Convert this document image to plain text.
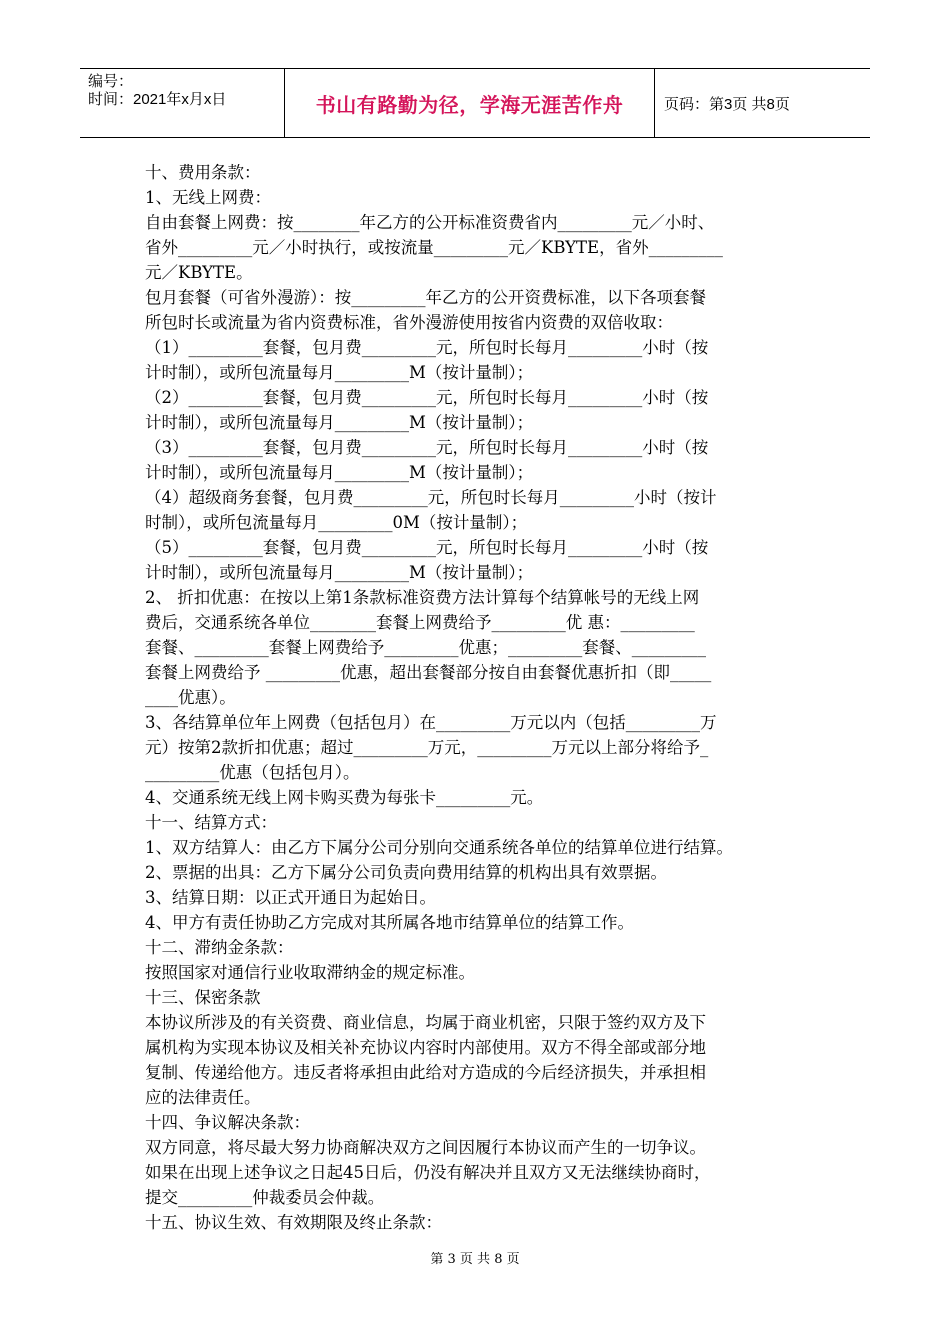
编号：
时间：2021年x月x日	书山有路勤为径，学海无涯苦作舟	页码：第3页 共8页

十、费用条款：

1、无线上网费：

自由套餐上网费：按________年乙方的公开标准资费省内_________元／小时、

省外_________元／小时执行，或按流量_________元／KBYTE，省外_________

元／KBYTE。

包月套餐（可省外漫游）：按_________年乙方的公开资费标准，以下各项套餐

所包时长或流量为省内资费标准，省外漫游使用按省内资费的双倍收取：

（1）_________套餐，包月费_________元，所包时长每月_________小时（按

计时制），或所包流量每月_________M（按计量制）；

（2）_________套餐，包月费_________元，所包时长每月_________小时（按

计时制），或所包流量每月_________M（按计量制）；

（3）_________套餐，包月费_________元，所包时长每月_________小时（按

计时制），或所包流量每月_________M（按计量制）；

（4）超级商务套餐，包月费_________元，所包时长每月_________小时（按计

时制），或所包流量每月_________0M（按计量制）；

（5）_________套餐，包月费_________元，所包时长每月_________小时（按

计时制），或所包流量每月_________M（按计量制）；

2、 折扣优惠：在按以上第1条款标准资费方法计算每个结算帐号的无线上网

费后，交通系统各单位________套餐上网费给予_________优 惠：_________

套餐、_________套餐上网费给予_________优惠；_________套餐、_________

套餐上网费给予 _________优惠，超出套餐部分按自由套餐优惠折扣（即_____

____优惠）。

3、各结算单位年上网费（包括包月）在_________万元以内（包括_________万

元）按第2款折扣优惠；超过_________万元，_________万元以上部分将给予_

_________优惠（包括包月）。

4、交通系统无线上网卡购买费为每张卡_________元。

十一、结算方式：

1、双方结算人：由乙方下属分公司分别向交通系统各单位的结算单位进行结算。

2、票据的出具：乙方下属分公司负责向费用结算的机构出具有效票据。

3、结算日期：以正式开通日为起始日。

4、甲方有责任协助乙方完成对其所属各地市结算单位的结算工作。

十二、滞纳金条款：

按照国家对通信行业收取滞纳金的规定标准。

十三、保密条款

本协议所涉及的有关资费、商业信息，均属于商业机密，只限于签约双方及下

属机构为实现本协议及相关补充协议内容时内部使用。双方不得全部或部分地

复制、传递给他方。违反者将承担由此给对方造成的今后经济损失，并承担相

应的法律责任。

十四、争议解决条款：

双方同意，将尽最大努力协商解决双方之间因履行本协议而产生的一切争议。

如果在出现上述争议之日起45日后，仍没有解决并且双方又无法继续协商时，

提交_________仲裁委员会仲裁。

十五、协议生效、有效期限及终止条款：

第 3 页 共 8 页
